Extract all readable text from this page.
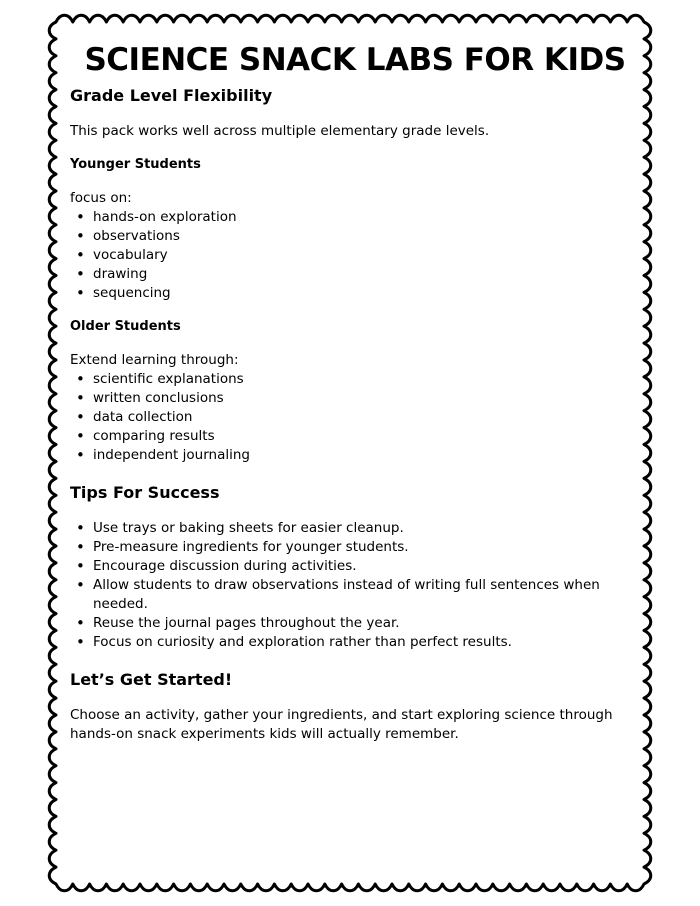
SCIENCE SNACK LABS FOR KIDS
Grade Level Flexibility
This pack works well across multiple elementary grade levels.
Younger Students
focus on:
• hands-on exploration
• observations
• vocabulary
• drawing
• sequencing
Older Students
Extend learning through:
• scientific explanations
• written conclusions
• data collection
• comparing results
• independent journaling
Tips For Success
• Use trays or baking sheets for easier cleanup.
• Pre-measure ingredients for younger students.
• Encourage discussion during activities.
• Allow students to draw observations instead of writing full sentences when needed.
• Reuse the journal pages throughout the year.
• Focus on curiosity and exploration rather than perfect results.
Let’s Get Started!
Choose an activity, gather your ingredients, and start exploring science through hands-on snack experiments kids will actually remember.
